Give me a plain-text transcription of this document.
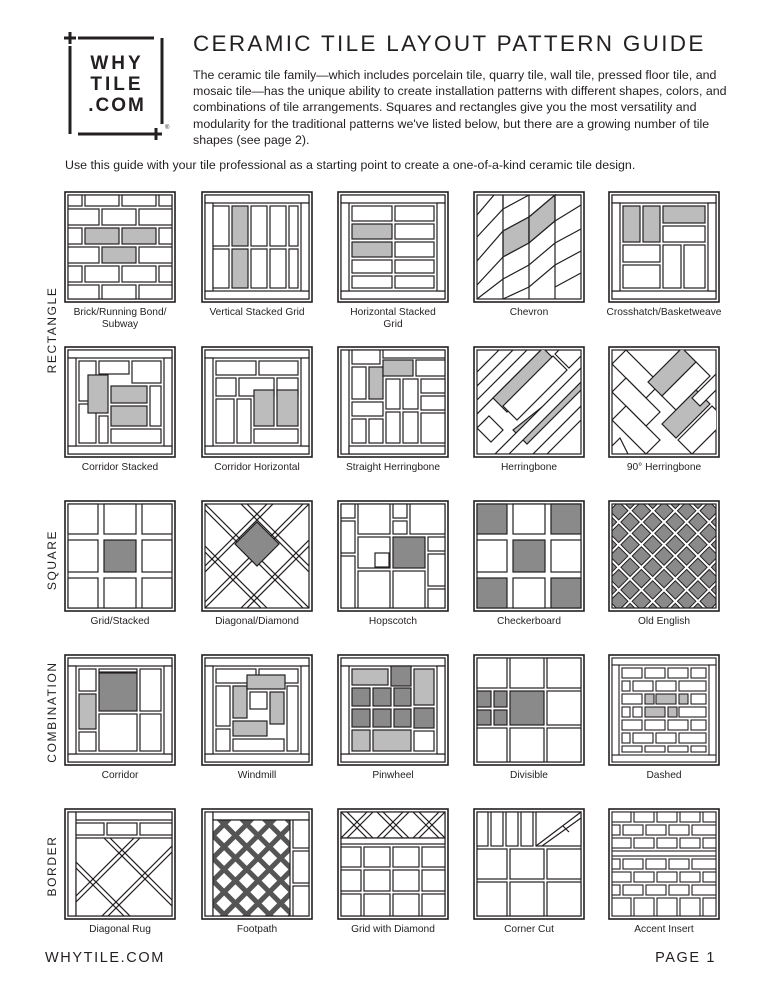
WHY
TILE
.COM
®
CERAMIC TILE LAYOUT PATTERN GUIDE

The ceramic tile family—which includes porcelain tile, quarry tile, wall tile, pressed floor tile, and mosaic tile—has the unique ability to create installation patterns with different shapes, colors, and combinations of tile arrangements. Squares and rectangles give you the most versatility and modularity for the traditional patterns we've listed below, but there are a growing number of tile shapes (see page 2).

Use this guide with your tile professional as a starting point to create a one-of-a-kind ceramic tile design.

RECTANGLE
SQUARE
COMBINATION
BORDER
Brick/Running Bond/
Subway
Vertical Stacked Grid	Horizontal Stacked
Grid
Chevron	Crosshatch/Basketweave
Corridor Stacked	Corridor Horizontal	Straight Herringbone	Herringbone	90° Herringbone
Grid/Stacked	Diagonal/Diamond	Hopscotch	Checkerboard	Old English
Corridor	Windmill	Pinwheel	Divisible	Dashed
Diagonal Rug	Footpath	Grid with Diamond	Corner Cut	Accent Insert
WHYTILE.COM	PAGE 1
